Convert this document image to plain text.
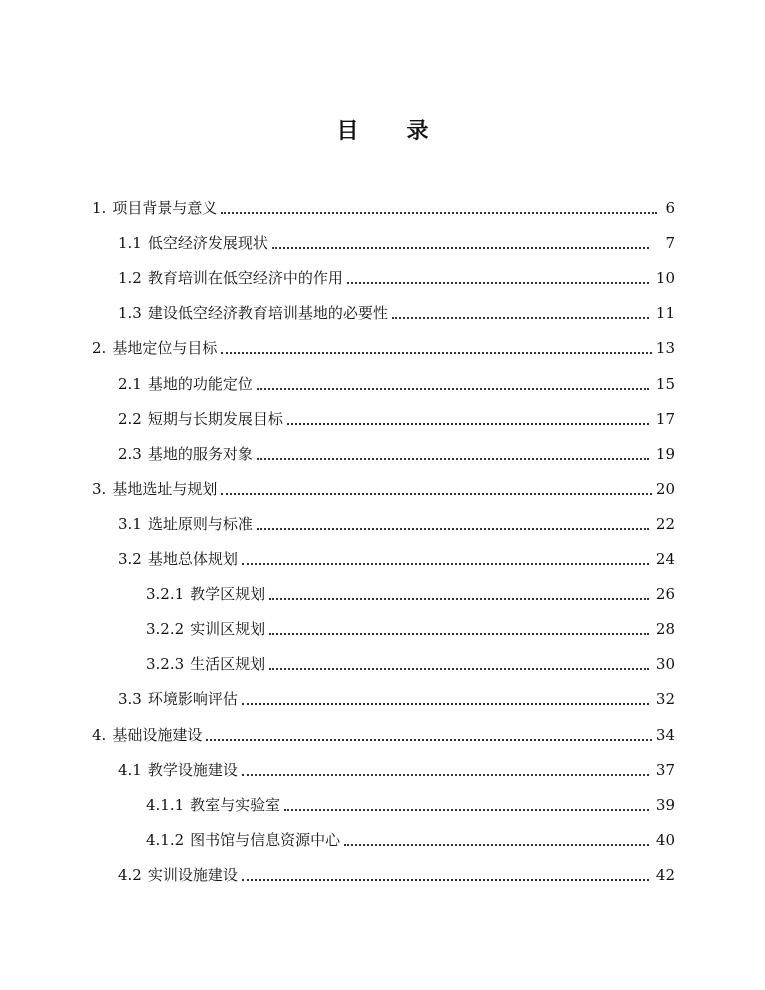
目 录
1. 项目背景与意义	6
1.1 低空经济发展现状	7
1.2 教育培训在低空经济中的作用	10
1.3 建设低空经济教育培训基地的必要性	11
2. 基地定位与目标	13
2.1 基地的功能定位	15
2.2 短期与长期发展目标	17
2.3 基地的服务对象	19
3. 基地选址与规划	20
3.1 选址原则与标准	22
3.2 基地总体规划	24
3.2.1 教学区规划	26
3.2.2 实训区规划	28
3.2.3 生活区规划	30
3.3 环境影响评估	32
4. 基础设施建设	34
4.1 教学设施建设	37
4.1.1 教室与实验室	39
4.1.2 图书馆与信息资源中心	40
4.2 实训设施建设	42
